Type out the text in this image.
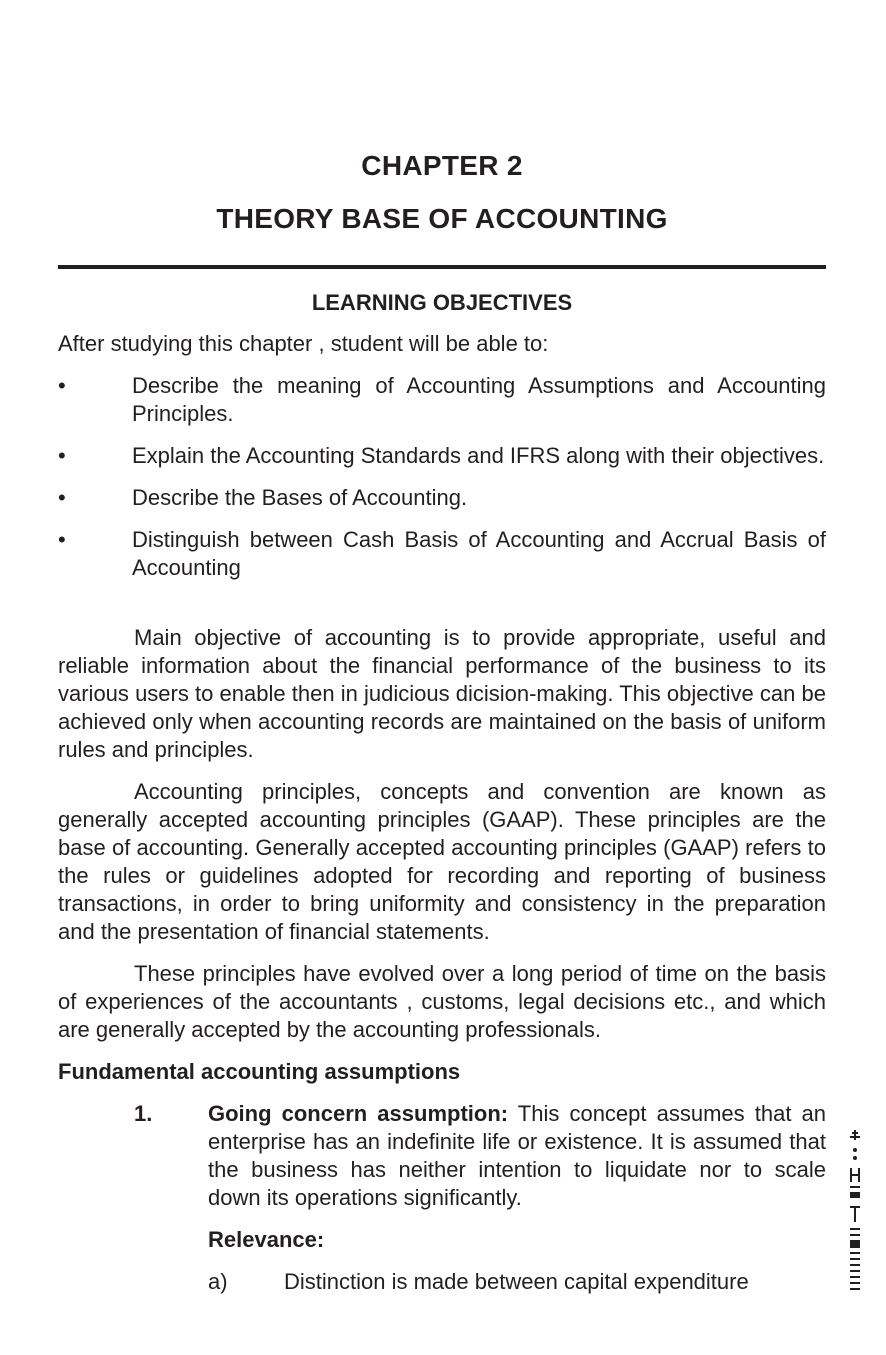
CHAPTER 2
THEORY BASE OF ACCOUNTING
LEARNING OBJECTIVES
After studying this chapter , student will be able to:
•	Describe the meaning of Accounting Assumptions and Accounting Principles.
•	Explain the Accounting Standards and IFRS along with their objectives.
•	Describe the Bases of Accounting.
•	Distinguish between Cash Basis of Accounting and Accrual Basis of Accounting

Main objective of accounting is to provide appropriate, useful and reliable information about the financial performance of the business to its various users to enable then in judicious dicision-making. This objective can be achieved only when accounting records are maintained on the basis of uniform rules and principles.

Accounting principles, concepts and convention are known as generally accepted accounting principles (GAAP). These principles are the base of accounting. Generally accepted accounting principles (GAAP) refers to the rules or guidelines adopted for recording and reporting of business transactions, in order to bring uniformity and consistency in the preparation and the presentation of financial statements.

These principles have evolved over a long period of time on the basis of experiences of the accountants , customs, legal decisions etc., and which are generally accepted by the accounting professionals.

Fundamental accounting assumptions
1.	Going concern assumption: This concept assumes that an enterprise has an indefinite life or existence. It is assumed that the business has neither intention to liquidate nor to scale down its operations significantly.
Relevance:
a)	Distinction is made between capital expenditure
